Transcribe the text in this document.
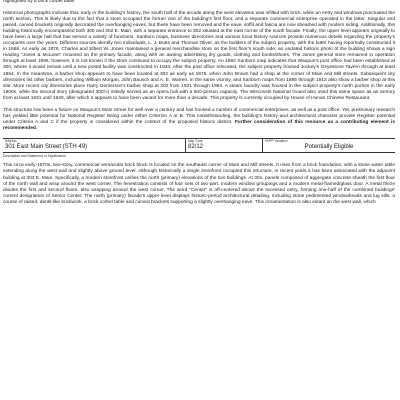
highlighted by a brick corbel table.

Historical photographs indicate that, early in the building's history, the south half of the arcade along the west elevation was infilled with brick, while an entry and windows punctuated the north section. This is likely due to the fact that a store occupied the former one of the building's first floor, and a separate commercial enterprise operated in the latter. Singular and paired, carved brackets originally decorated the overhanging eaves, but these have been removed and the eave, soffit and fascia are now sheathed with modern siding. Additionally, this building historically encompassed both 300 and 302 E. Main, with a separate entrance to 302 situated at the east corner of the south facade. Finally, the upper level appears originally to have been a large hall that has served a variety of functions. Sanborn maps, business directories and various local history sources provide numerous details regarding the property's occupants over the years. Different sources identify two individuals, L. J. Butts and Thomas Oliver, as the builders of the subject property, with the latter having reportedly constructed it in 1868. As early as 1876, Charles and Elbert W. Jones maintained a general merchandise store on the first floor's south side; an undated historic photo of the building shows a sign reading "Jones & McLean" mounted on the primary facade, along with an awning advertising dry goods, clothing and books/shoes. The Jones general store remained in operation through at least 1896; however, it is not known if the store continued to occupy the subject property. An 1892 Sanborn map indicates that Waupun's post office had been established at 300, where it would remain until a new postal facility was constructed in 1933. After the post office relocated, the subject property housed Jockey's Geyestone Tavern through at least 1954. In the meantime, a barber shop appears to have been located at 302 as early as 1876, when John Brown had a shop at the corner of Main and Mill streets. Subsequent city directories list other barbers, including William Morgan, John Bausch and A. E. Warren, in the same vicinity, and Sanborn maps from 1885 through 1913 also show a barber shop at this site. More recent city directories place Harry Demerson's barber shop at 302 from 1931 through 1954. A steam laundry was housed in the subject property's north portion in the early 1900s, while the second story (designated 300½) initially served as an opera hall with a 500-person capacity. The Wisconsin National Guard also used this same space as an armory from at least 1931 until 1940, after which it appears to have been vacant for more than a decade. This property is currently occupied by House of Hunan Chinese Restaurant.

This structure has been a fixture on Waupun's Main Street for well over a century and has housed a number of commercial enterprises, as well as a post office. Yet, preliminary research has yielded little potential for National Register listing under either Criterion A or B. This notwithstanding, the building's history and architectural character provide Register potential under Criteria A and C if the property is considered within the context of the proposed historic district. Further consideration of this resource as a contributing element is recommended.

Address
301 East Main Street (STH 49)
Map Code
82/12
SHPP Valuation
Potentially Eligible
Description and Statement of Significance

This circa early-1870s, two-story, commercial vernacular brick block is located on the southeast corner of Main and Mill streets. It rises from a brick foundation, with a stone water table extending along the west wall and slightly above ground level. Although historically a single storefront occupied this structure, in recent years it has been associated with the adjacent building at 303 E. Main. Specifically, a modern storefront unifies the north (primary) elevations of the two buildings. At 301, panels composed of aggregate concrete sheath the first floor of the north wall and wrap around the west corner. The fenestration consists of four sets of two-part, modern window groupings and a modern metal-framed/glass door. A metal frieze divides the first and second floors, also wrapping around the west corner. The word "Center" is off-centered above the recessed entry, forming one-half of the combined buildings' current designation of Senior Center. The north (primary) facade's upper level displays historic-period architectural detailing, including stone pedimented windowheads and lug sills, a course of raised, dentil-like brickwork, a brick corbel table and curved brackets supporting a slightly overhanging eave. This ornamentation is also extant on the west wall, which
